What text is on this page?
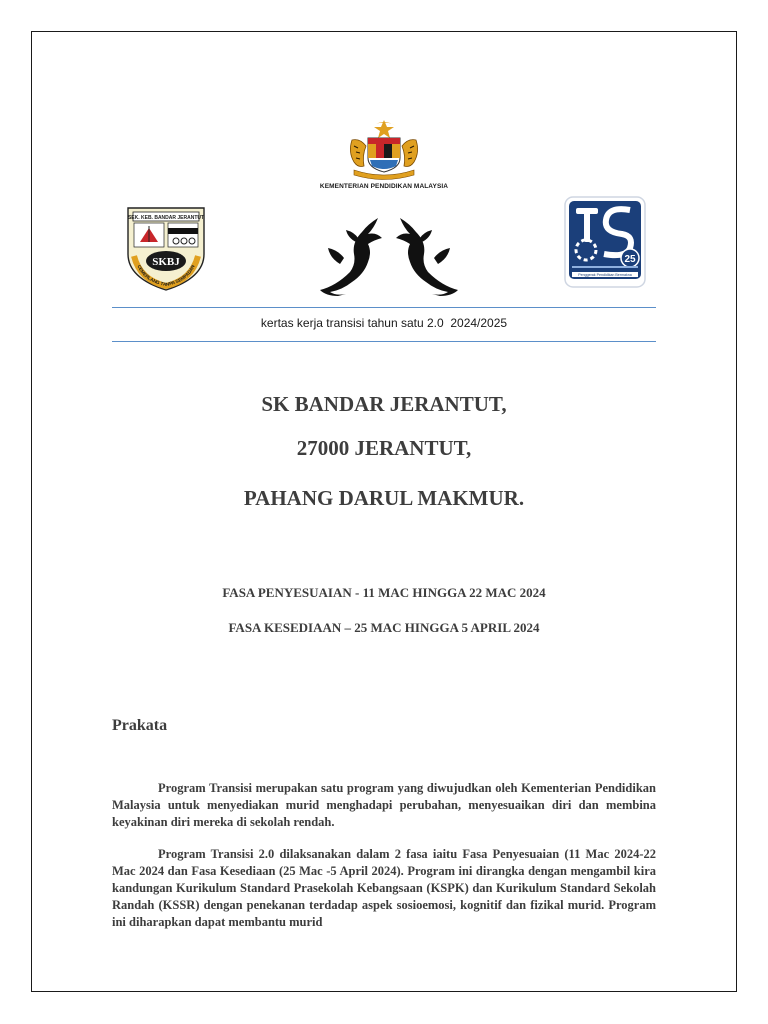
KEMENTERIAN PENDIDIKAN MALAYSIA
SEK. KEB. BANDAR JERANTUT
SKBJ
CEMERLANG TANPA SEMPADAN
25
Penggerak Pendidikan Bermakna
kertas kerja transisi tahun satu 2.0  2024/2025
SK BANDAR JERANTUT,
27000 JERANTUT,
PAHANG DARUL MAKMUR.
FASA PENYESUAIAN - 11 MAC HINGGA 22 MAC 2024
FASA KESEDIAAN – 25 MAC HINGGA 5 APRIL 2024
Prakata

Program Transisi merupakan satu program yang diwujudkan oleh Kementerian Pendidikan Malaysia untuk menyediakan murid menghadapi perubahan, menyesuaikan diri dan membina keyakinan diri mereka di sekolah rendah.

Program Transisi 2.0 dilaksanakan dalam 2 fasa iaitu Fasa Penyesuaian (11 Mac 2024-22 Mac 2024 dan Fasa Kesediaan (25 Mac -5 April 2024). Program ini dirangka dengan mengambil kira kandungan Kurikulum Standard Prasekolah Kebangsaan (KSPK) dan Kurikulum Standard Sekolah Randah (KSSR) dengan penekanan terdadap aspek sosioemosi, kognitif dan fizikal murid. Program ini diharapkan dapat membantu murid
